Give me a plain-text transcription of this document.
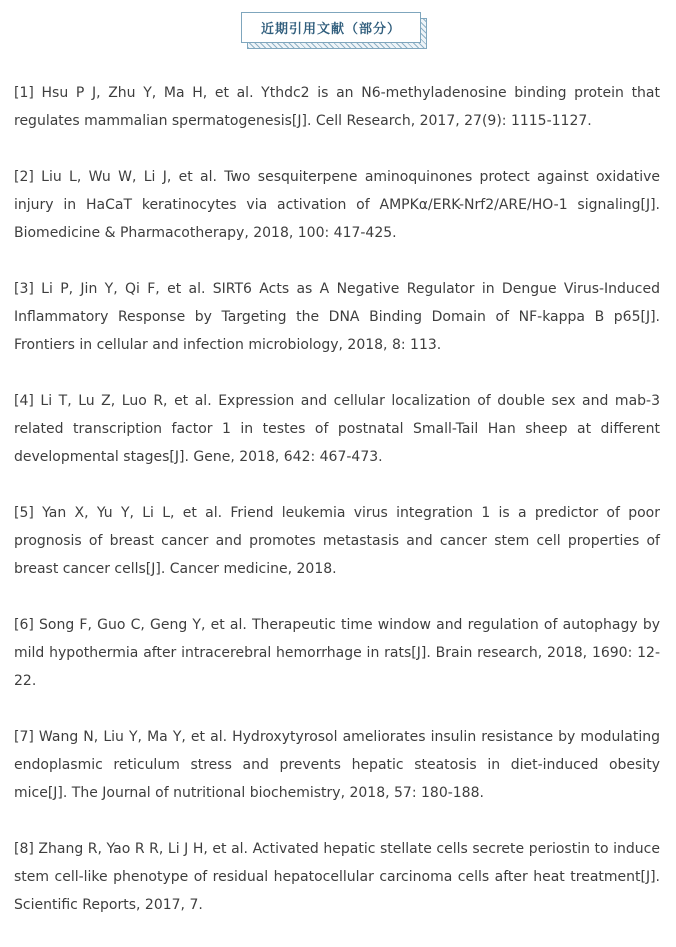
近期引用文献（部分）
[1] Hsu P J, Zhu Y, Ma H, et al. Ythdc2 is an N6-methyladenosine binding protein that regulates mammalian spermatogenesis[J]. Cell Research, 2017, 27(9): 1115-1127.
[2] Liu L, Wu W, Li J, et al. Two sesquiterpene aminoquinones protect against oxidative injury in HaCaT keratinocytes via activation of AMPKα/ERK-Nrf2/ARE/HO-1 signaling[J]. Biomedicine & Pharmacotherapy, 2018, 100: 417-425.
[3] Li P, Jin Y, Qi F, et al. SIRT6 Acts as A Negative Regulator in Dengue Virus-Induced Inflammatory Response by Targeting the DNA Binding Domain of NF-kappa B p65[J]. Frontiers in cellular and infection microbiology, 2018, 8: 113.
[4] Li T, Lu Z, Luo R, et al. Expression and cellular localization of double sex and mab-3 related transcription factor 1 in testes of postnatal Small-Tail Han sheep at different developmental stages[J]. Gene, 2018, 642: 467-473.
[5] Yan X, Yu Y, Li L, et al. Friend leukemia virus integration 1 is a predictor of poor prognosis of breast cancer and promotes metastasis and cancer stem cell properties of breast cancer cells[J]. Cancer medicine, 2018.
[6] Song F, Guo C, Geng Y, et al. Therapeutic time window and regulation of autophagy by mild hypothermia after intracerebral hemorrhage in rats[J]. Brain research, 2018, 1690: 12-22.
[7] Wang N, Liu Y, Ma Y, et al. Hydroxytyrosol ameliorates insulin resistance by modulating endoplasmic reticulum stress and prevents hepatic steatosis in diet-induced obesity mice[J]. The Journal of nutritional biochemistry, 2018, 57: 180-188.
[8] Zhang R, Yao R R, Li J H, et al. Activated hepatic stellate cells secrete periostin to induce stem cell-like phenotype of residual hepatocellular carcinoma cells after heat treatment[J]. Scientific Reports, 2017, 7.
